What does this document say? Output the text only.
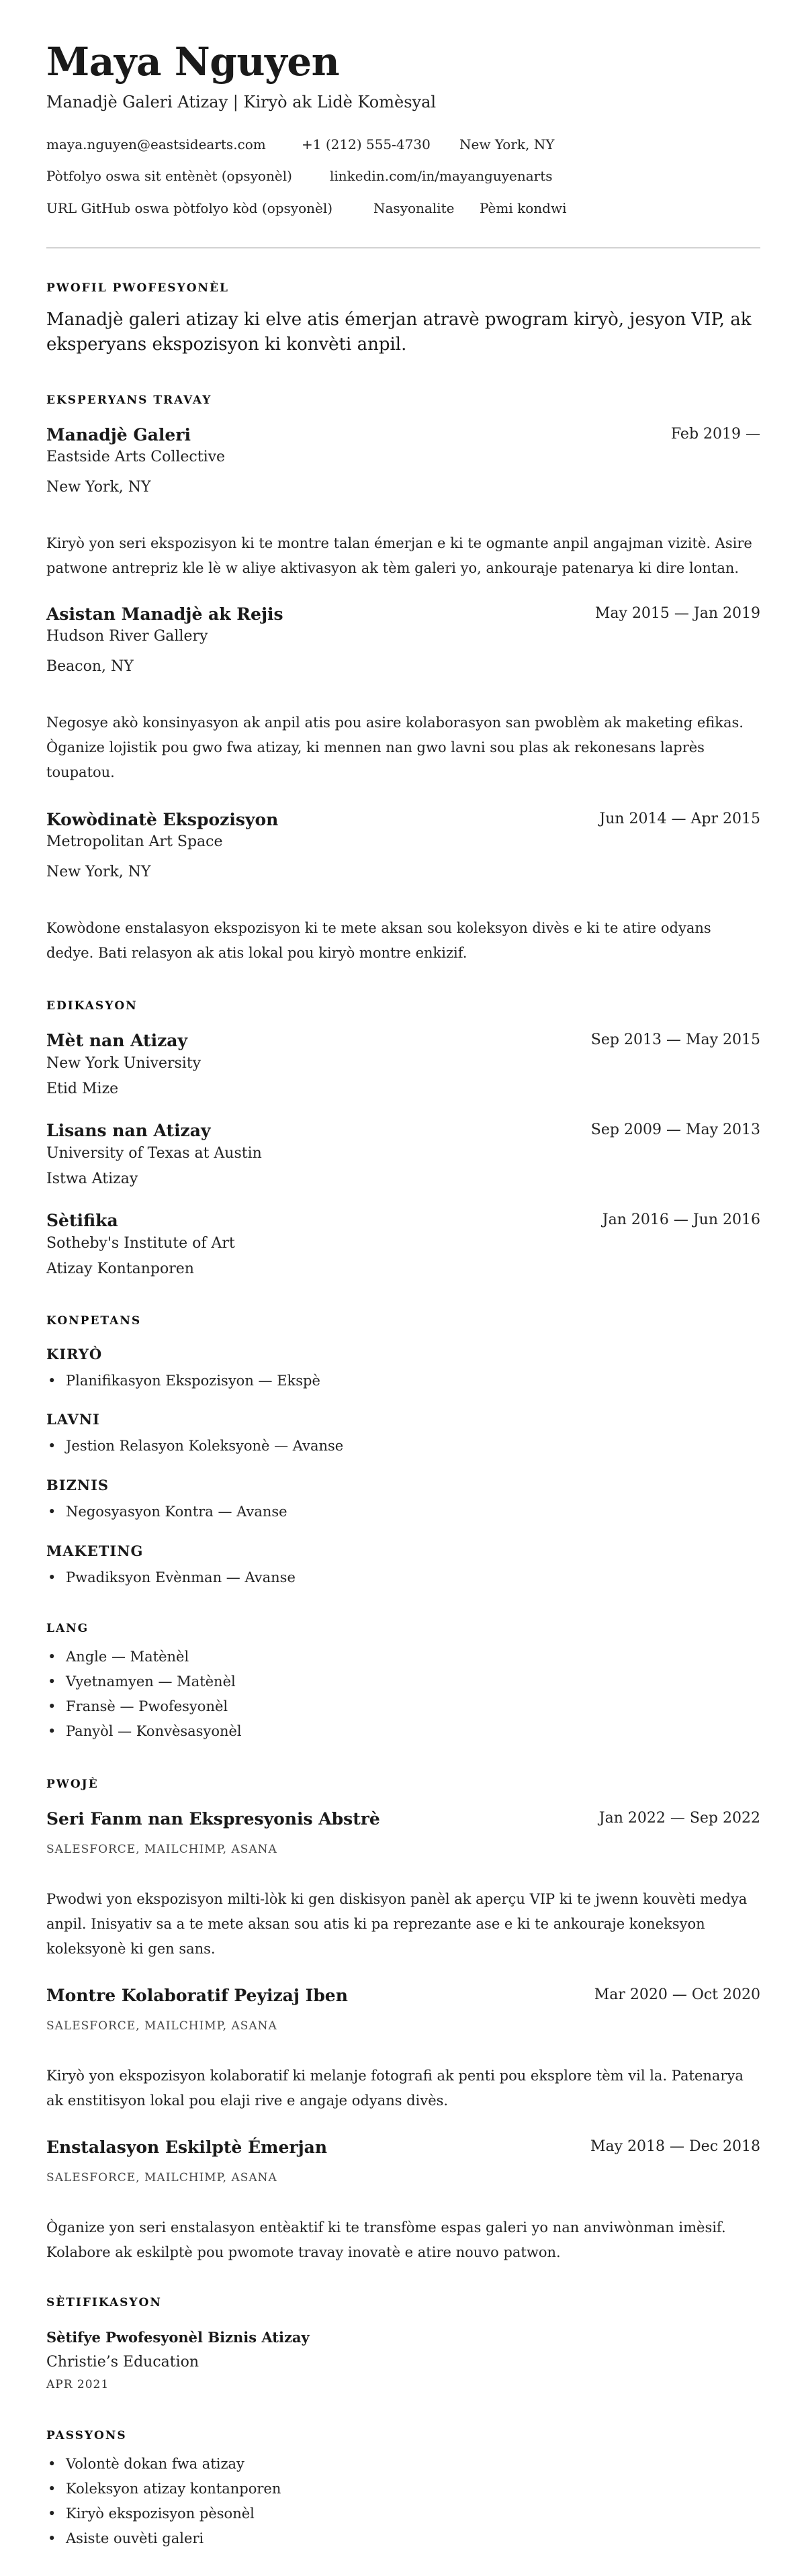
Maya Nguyen
Manadjè Galeri Atizay | Kiryò ak Lidè Komèsyal
maya.nguyen@eastsidearts.com	+1 (212) 555-4730 New York, NY
Pòtfolyo oswa sit entènèt (opsyonèl)	linkedin.com/in/mayanguyenarts
URL GitHub oswa pòtfolyo kòd (opsyonèl)	Nasyonalite Pèmi kondwi
PWOFIL PWOFESYONÈL
Manadjè galeri atizay ki elve atis émerjan atravè pwogram kiryò, jesyon VIP, ak eksperyans ekspozisyon ki konvèti anpil.
EKSPERYANS TRAVAY
Manadjè Galeri	Feb 2019 —
Eastside Arts Collective
New York, NY
Kiryò yon seri ekspozisyon ki te montre talan émerjan e ki te ogmante anpil angajman vizitè. Asire patwone antrepriz kle lè w aliye aktivasyon ak tèm galeri yo, ankouraje patenarya ki dire lontan.
Asistan Manadjè ak Rejis	May 2015 — Jan 2019
Hudson River Gallery
Beacon, NY
Negosye akò konsinyasyon ak anpil atis pou asire kolaborasyon san pwoblèm ak maketing efikas. Òganize lojistik pou gwo fwa atizay, ki mennen nan gwo lavni sou plas ak rekonesans laprès toupatou.
Kowòdinatè Ekspozisyon	Jun 2014 — Apr 2015
Metropolitan Art Space
New York, NY
Kowòdone enstalasyon ekspozisyon ki te mete aksan sou koleksyon divès e ki te atire odyans dedye. Bati relasyon ak atis lokal pou kiryò montre enkizif.
EDIKASYON
Mèt nan Atizay	Sep 2013 — May 2015
New York University
Etid Mize
Lisans nan Atizay	Sep 2009 — May 2013
University of Texas at Austin
Istwa Atizay
Sètifika	Jan 2016 — Jun 2016
Sotheby's Institute of Art
Atizay Kontanporen
KONPETANS
KIRYÒ
• Planifikasyon Ekspozisyon — Ekspè
LAVNI
• Jestion Relasyon Koleksyonè — Avanse
BIZNIS
• Negosyasyon Kontra — Avanse
MAKETING
• Pwadiksyon Evènman — Avanse
LANG
• Angle — Matènèl
• Vyetnamyen — Matènèl
• Fransè — Pwofesyonèl
• Panyòl — Konvèsasyonèl
PWOJÈ
Seri Fanm nan Ekspresyonis Abstrè	Jan 2022 — Sep 2022
SALESFORCE, MAILCHIMP, ASANA
Pwodwi yon ekspozisyon milti-lòk ki gen diskisyon panèl ak aperçu VIP ki te jwenn kouvèti medya anpil. Inisyativ sa a te mete aksan sou atis ki pa reprezante ase e ki te ankouraje koneksyon koleksyonè ki gen sans.
Montre Kolaboratif Peyizaj Iben	Mar 2020 — Oct 2020
SALESFORCE, MAILCHIMP, ASANA
Kiryò yon ekspozisyon kolaboratif ki melanje fotografi ak penti pou eksplore tèm vil la. Patenarya ak enstitisyon lokal pou elaji rive e angaje odyans divès.
Enstalasyon Eskilptè Émerjan	May 2018 — Dec 2018
SALESFORCE, MAILCHIMP, ASANA
Òganize yon seri enstalasyon entèaktif ki te transfòme espas galeri yo nan anviwònman imèsif. Kolabore ak eskilptè pou pwomote travay inovatè e atire nouvo patwon.
SÈTIFIKASYON
Sètifye Pwofesyonèl Biznis Atizay
Christie’s Education
APR 2021
PASSYONS
• Volontè dokan fwa atizay
• Koleksyon atizay kontanporen
• Kiryò ekspozisyon pèsonèl
• Asiste ouvèti galeri
